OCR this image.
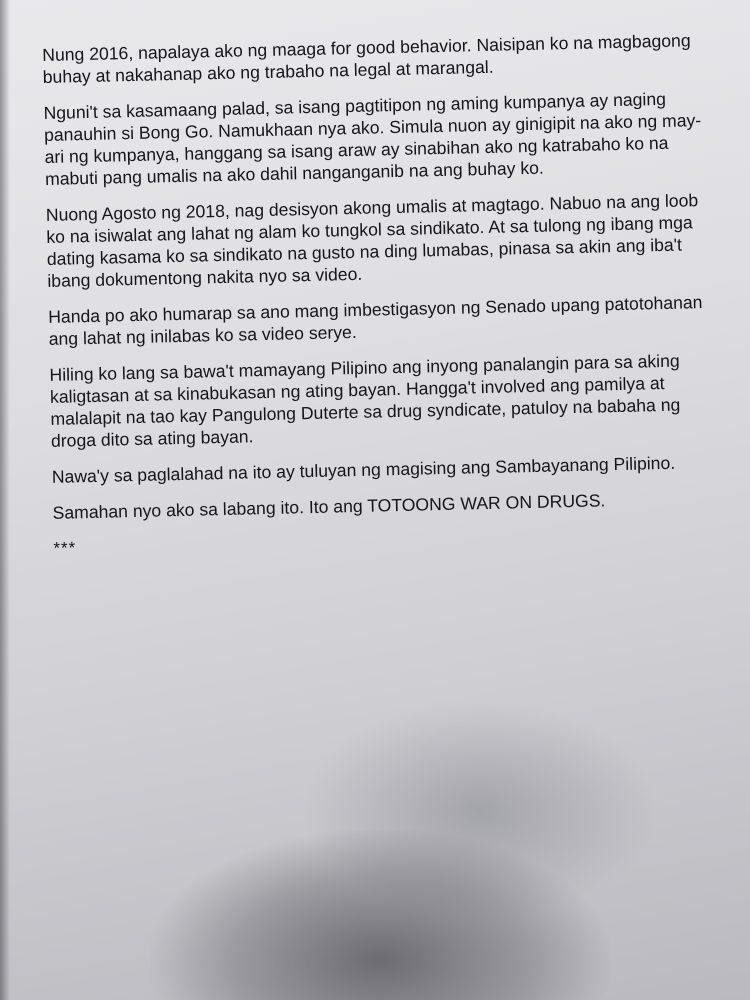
Nung 2016, napalaya ako ng maaga for good behavior. Naisipan ko na magbagong buhay at nakahanap ako ng trabaho na legal at marangal.

Nguni't sa kasamaang palad, sa isang pagtitipon ng aming kumpanya ay naging panauhin si Bong Go. Namukhaan nya ako. Simula nuon ay ginigipit na ako ng may-ari ng kumpanya, hanggang sa isang araw ay sinabihan ako ng katrabaho ko na mabuti pang umalis na ako dahil nanganganib na ang buhay ko.

Nuong Agosto ng 2018, nag desisyon akong umalis at magtago. Nabuo na ang loob ko na isiwalat ang lahat ng alam ko tungkol sa sindikato. At sa tulong ng ibang mga dating kasama ko sa sindikato na gusto na ding lumabas, pinasa sa akin ang iba't ibang dokumentong nakita nyo sa video.

Handa po ako humarap sa ano mang imbestigasyon ng Senado upang patotohanan ang lahat ng inilabas ko sa video serye.

Hiling ko lang sa bawa't mamayang Pilipino ang inyong panalangin para sa aking kaligtasan at sa kinabukasan ng ating bayan. Hangga't involved ang pamilya at malalapit na tao kay Pangulong Duterte sa drug syndicate, patuloy na babaha ng droga dito sa ating bayan.

Nawa'y sa paglalahad na ito ay tuluyan ng magising ang Sambayanang Pilipino.

Samahan nyo ako sa labang ito. Ito ang TOTOONG WAR ON DRUGS.

***
